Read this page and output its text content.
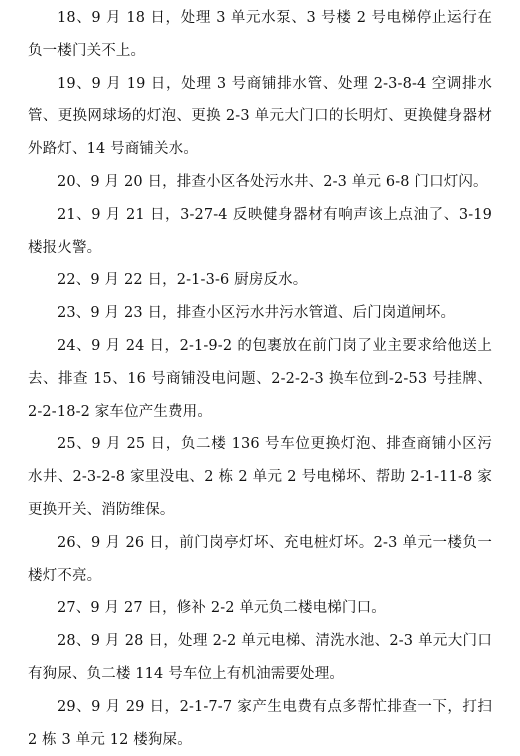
18、9 月 18 日，处理 3 单元水泵、3 号楼 2 号电梯停止运行在负一楼门关不上。

19、9 月 19 日，处理 3 号商铺排水管、处理 2-3-8-4 空调排水管、更换网球场的灯泡、更换 2-3 单元大门口的长明灯、更换健身器材外路灯、14 号商铺关水。

20、9 月 20 日，排查小区各处污水井、2-3 单元 6-8 门口灯闪。

21、9 月 21 日，3-27-4 反映健身器材有响声该上点油了、3-19 楼报火警。

22、9 月 22 日，2-1-3-6 厨房反水。

23、9 月 23 日，排查小区污水井污水管道、后门岗道闸坏。

24、9 月 24 日，2-1-9-2 的包裹放在前门岗了业主要求给他送上去、排查 15、16 号商铺没电问题、2-2-2-3 换车位到-2-53 号挂牌、2-2-18-2 家车位产生费用。

25、9 月 25 日，负二楼 136 号车位更换灯泡、排查商铺小区污水井、2-3-2-8 家里没电、2 栋 2 单元 2 号电梯坏、帮助 2-1-11-8 家更换开关、消防维保。

26、9 月 26 日，前门岗亭灯坏、充电桩灯坏。2-3 单元一楼负一楼灯不亮。

27、9 月 27 日，修补 2-2 单元负二楼电梯门口。

28、9 月 28 日，处理 2-2 单元电梯、清洗水池、2-3 单元大门口有狗尿、负二楼 114 号车位上有机油需要处理。

29、9 月 29 日，2-1-7-7 家产生电费有点多帮忙排查一下，打扫 2 栋 3 单元 12 楼狗屎。
